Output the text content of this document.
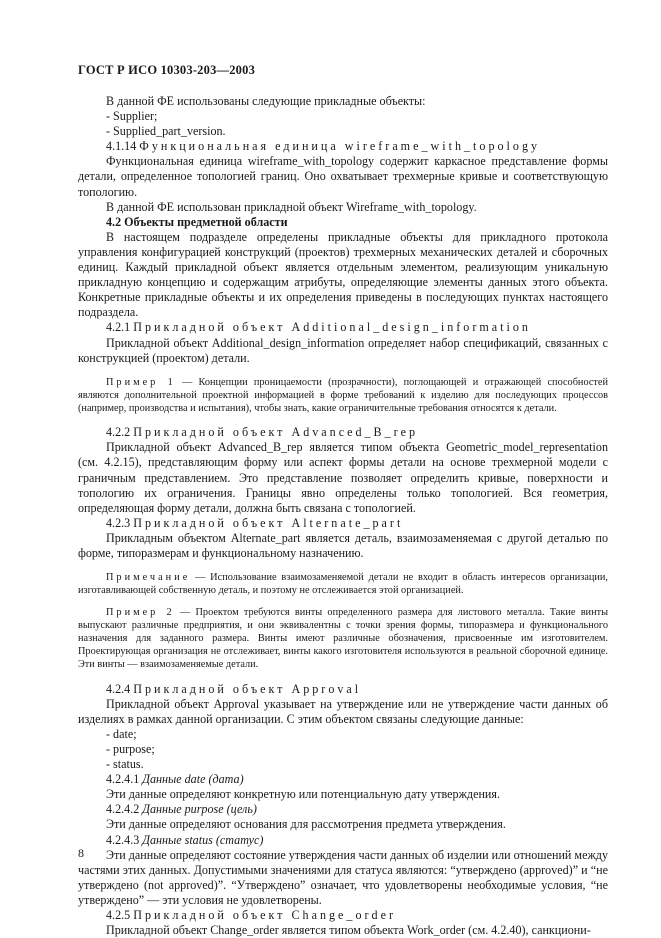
ГОСТ Р ИСО 10303-203—2003

В данной ФЕ использованы следующие прикладные объекты:

- Supplier;

- Supplied_part_version.

4.1.14 Функциональная единица wireframe_with_topology

Функциональная единица wireframe_with_topology содержит каркасное представление формы детали, определенное топологией границ. Оно охватывает трехмерные кривые и соответствующую топологию.

В данной ФЕ использован прикладной объект Wireframe_with_topology.

4.2 Объекты предметной области

В настоящем подразделе определены прикладные объекты для прикладного протокола управления конфигурацией конструкций (проектов) трехмерных механических деталей и сборочных единиц. Каждый прикладной объект является отдельным элементом, реализующим уникальную прикладную концепцию и содержащим атрибуты, определяющие элементы данных этого объекта. Конкретные прикладные объекты и их определения приведены в последующих пунктах настоящего подраздела.

4.2.1 Прикладной объект Additional_design_information

Прикладной объект Additional_design_information определяет набор спецификаций, связанных с конструкцией (проектом) детали.

Пример 1 — Концепции проницаемости (прозрачности), поглощающей и отражающей способностей являются дополнительной проектной информацией в форме требований к изделию для последующих процессов (например, производства и испытания), чтобы знать, какие ограничительные требования относятся к детали.

4.2.2 Прикладной объект Advanced_B_rep

Прикладной объект Advanced_B_rep является типом объекта Geometric_model_representation (см. 4.2.15), представляющим форму или аспект формы детали на основе трехмерной модели с граничным представлением. Это представление позволяет определить кривые, поверхности и топологию их ограничения. Границы явно определены только топологией. Вся геометрия, определяющая форму детали, должна быть связана с топологией.

4.2.3 Прикладной объект Alternate_part

Прикладным объектом Alternate_part является деталь, взаимозаменяемая с другой деталью по форме, типоразмерам и функциональному назначению.

Примечание — Использование взаимозаменяемой детали не входит в область интересов организации, изготавливающей собственную деталь, и поэтому не отслеживается этой организацией.

Пример 2 — Проектом требуются винты определенного размера для листового металла. Такие винты выпускают различные предприятия, и они эквивалентны с точки зрения формы, типоразмера и функционального назначения для заданного размера. Винты имеют различные обозначения, присвоенные им изготовителем. Проектирующая организация не отслеживает, винты какого изготовителя используются в реальной сборочной единице. Эти винты — взаимозаменяемые детали.

4.2.4 Прикладной объект Approval

Прикладной объект Approval указывает на утверждение или не утверждение части данных об изделиях в рамках данной организации. С этим объектом связаны следующие данные:

- date;

- purpose;

- status.

4.2.4.1 Данные date (дата)

Эти данные определяют конкретную или потенциальную дату утверждения.

4.2.4.2 Данные purpose (цель)

Эти данные определяют основания для рассмотрения предмета утверждения.

4.2.4.3 Данные status (статус)

Эти данные определяют состояние утверждения части данных об изделии или отношений между частями этих данных. Допустимыми значениями для статуса являются: “утверждено (approved)” и “не утверждено (not approved)”. “Утверждено” означает, что удовлетворены необходимые условия, “не утверждено” — эти условия не удовлетворены.

4.2.5 Прикладной объект Change_order

Прикладной объект Change_order является типом объекта Work_order (см. 4.2.40), санкциони-

8
